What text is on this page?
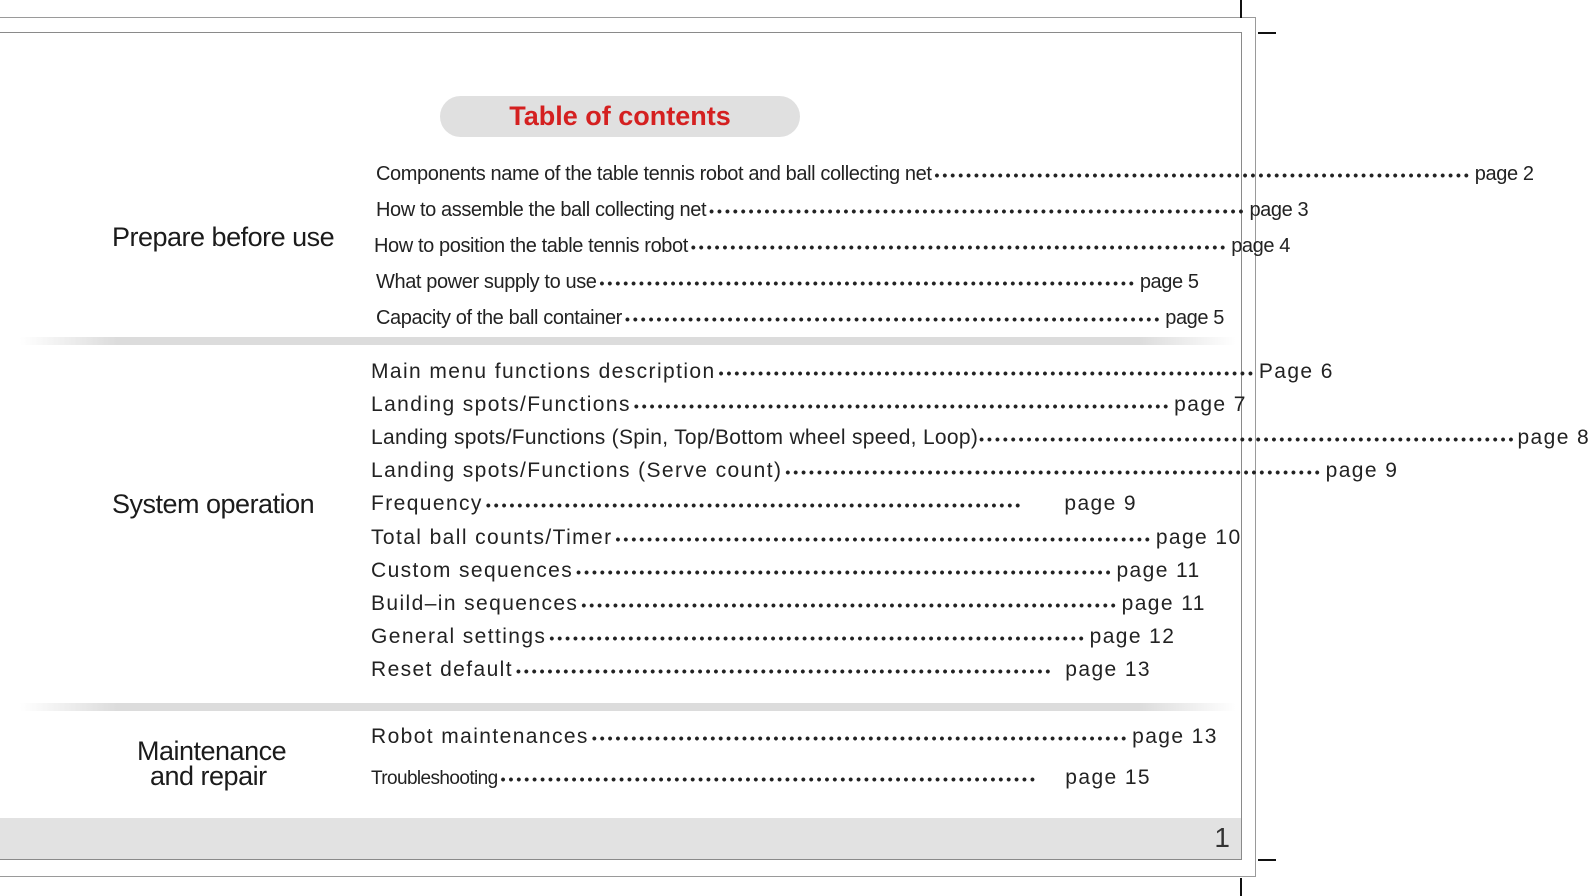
Table of contents
Prepare before use
Components name of the table tennis robot and ball collecting net •••••••••••••••••••••••••••••••••••••••••••••••••••••••••••••••••••• page 2
How to assemble the ball collecting net •••••••••••••••••••••••••••••••••••••••••••••••••••••••••••••••••••• page 3
How to position the table tennis robot •••••••••••••••••••••••••••••••••••••••••••••••••••••••••••••••••••• page 4
What power supply to use •••••••••••••••••••••••••••••••••••••••••••••••••••••••••••••••••••• page 5
Capacity of the ball container •••••••••••••••••••••••••••••••••••••••••••••••••••••••••••••••••••• page 5
System operation
Main menu functions description •••••••••••••••••••••••••••••••••••••••••••••••••••••••••••••••••••• Page 6
Landing spots/Functions •••••••••••••••••••••••••••••••••••••••••••••••••••••••••••••••••••• page 7
Landing spots/Functions (Spin, Top/Bottom wheel speed, Loop) •••••••••••••••••••••••••••••••••••••••••••••••••••••••••••••••••••• page 8
Landing spots/Functions (Serve count) •••••••••••••••••••••••••••••••••••••••••••••••••••••••••••••••••••• page 9
Frequency ••••••••••••••••••••••••••••••••••••••••••••••••••••••••••••••••••••	page 9
Total ball counts/Timer •••••••••••••••••••••••••••••••••••••••••••••••••••••••••••••••••••• page 10
Custom sequences •••••••••••••••••••••••••••••••••••••••••••••••••••••••••••••••••••• page 11
Build–in sequences •••••••••••••••••••••••••••••••••••••••••••••••••••••••••••••••••••• page 11
General settings •••••••••••••••••••••••••••••••••••••••••••••••••••••••••••••••••••• page 12
Reset default •••••••••••••••••••••••••••••••••••••••••••••••••••••••••••••••••••• page 13
Maintenance
and repair
Robot maintenances •••••••••••••••••••••••••••••••••••••••••••••••••••••••••••••••••••• page 13
Troubleshooting ••••••••••••••••••••••••••••••••••••••••••••••••••••••••••••••••••••	page 15
1
